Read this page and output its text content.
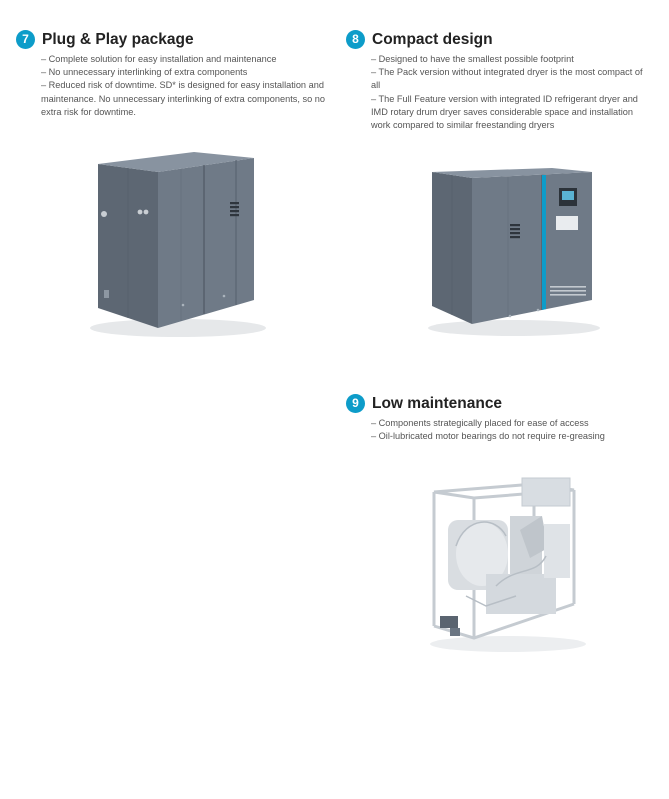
7 Plug & Play package
– Complete solution for easy installation and maintenance
– No unnecessary interlinking of extra components
– Reduced risk of downtime. SD* is designed for easy installation and maintenance. No unnecessary interlinking of extra components, so no extra risk for downtime.
8 Compact design
– Designed to have the smallest possible footprint
– The Pack version without integrated dryer is the most compact of all
– The Full Feature version with integrated ID refrigerant dryer and IMD rotary drum dryer saves considerable space and installation work compared to similar freestanding dryers
9 Low maintenance
– Components strategically placed for ease of access
– Oil-lubricated motor bearings do not require re-greasing
